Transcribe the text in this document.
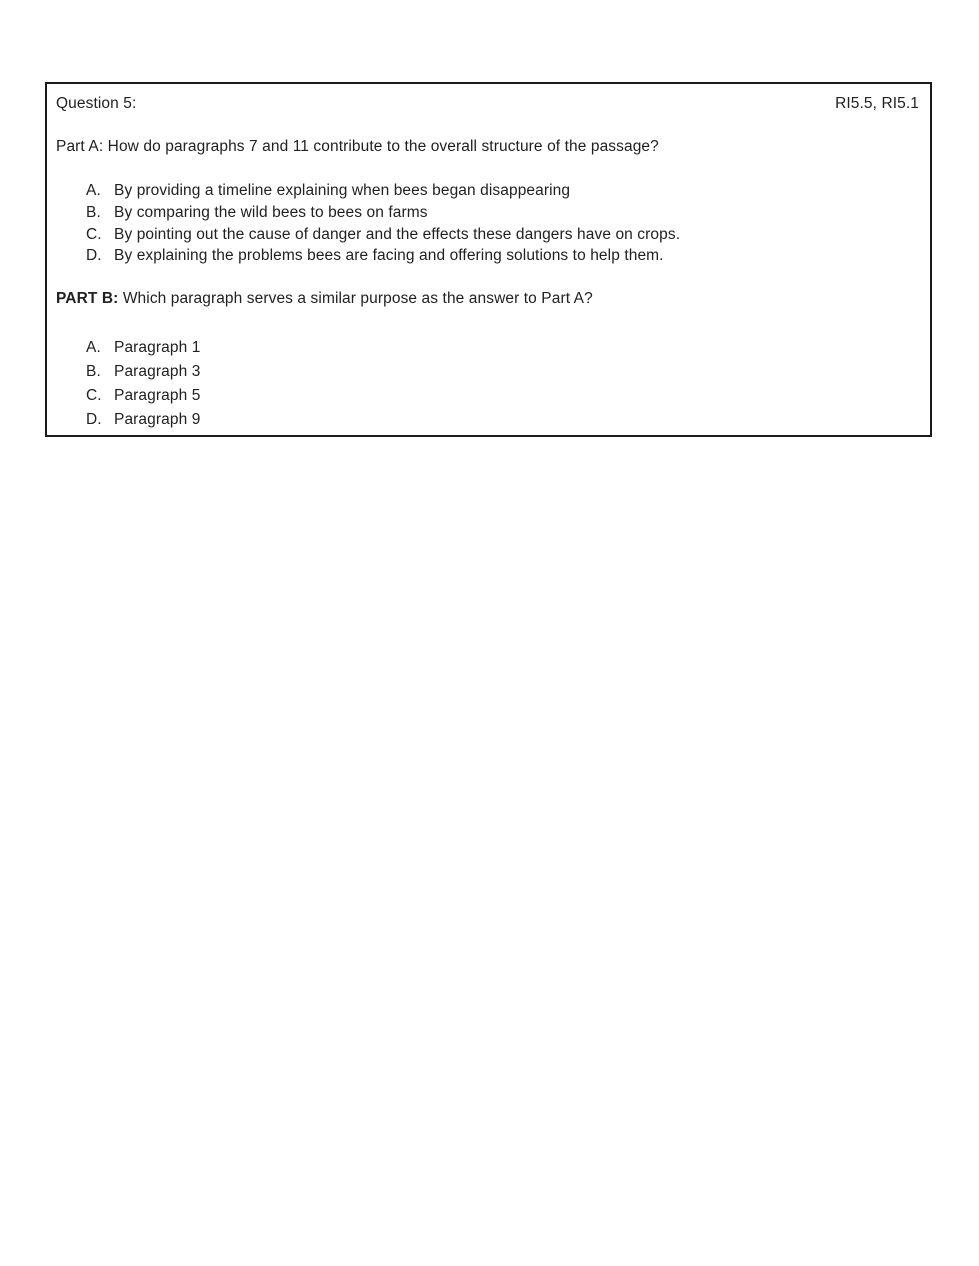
Question 5:	RI5.5, RI5.1
Part A: How do paragraphs 7 and 11 contribute to the overall structure of the passage?
A. By providing a timeline explaining when bees began disappearing
B. By comparing the wild bees to bees on farms
C. By pointing out the cause of danger and the effects these dangers have on crops.
D. By explaining the problems bees are facing and offering solutions to help them.
PART B: Which paragraph serves a similar purpose as the answer to Part A?
A. Paragraph 1
B. Paragraph 3
C. Paragraph 5
D. Paragraph 9
